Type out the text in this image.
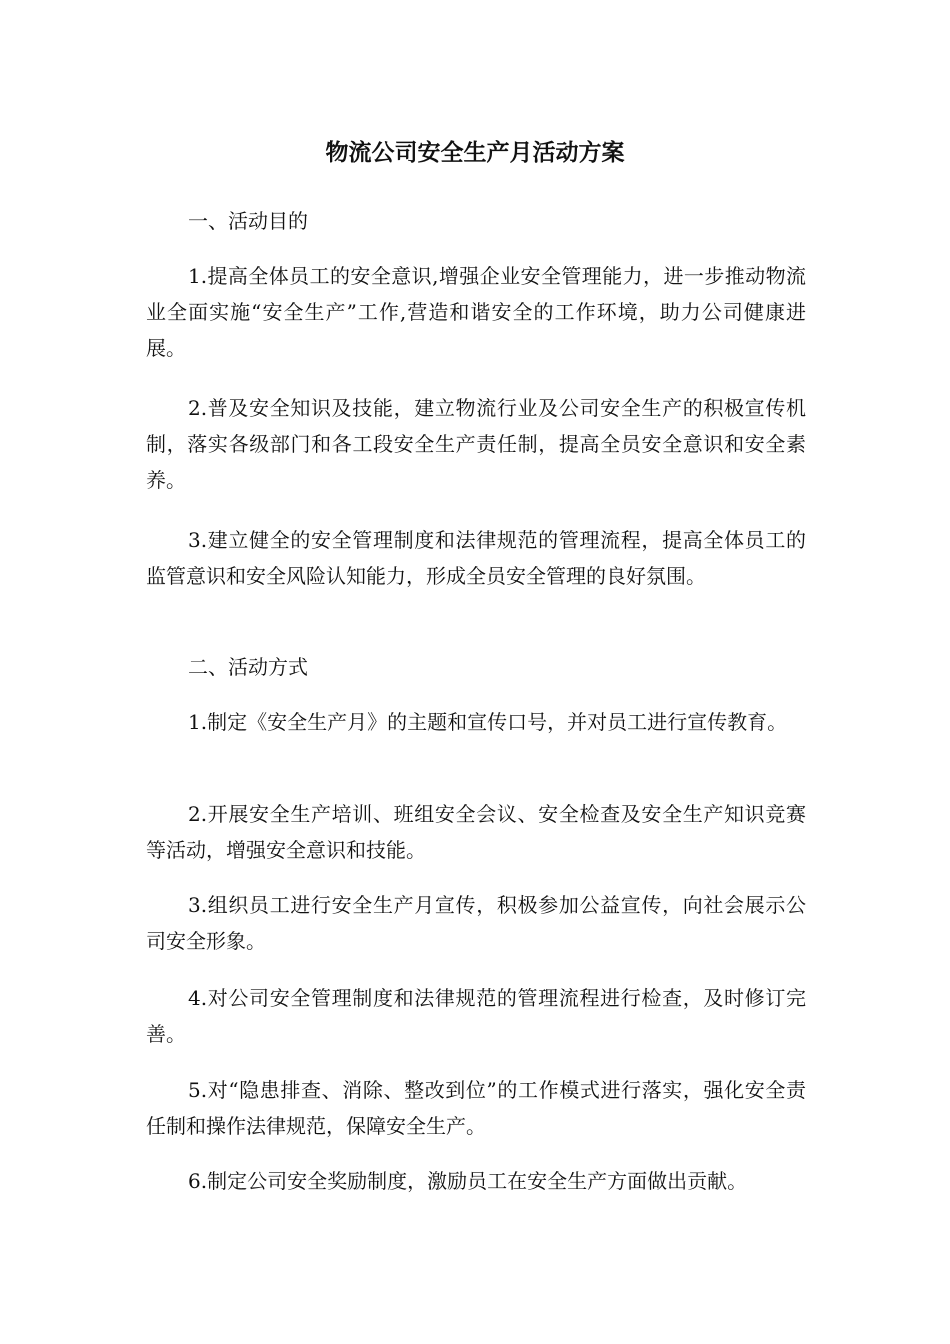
物流公司安全生产月活动方案

一、活动目的

1.提高全体员工的安全意识,增强企业安全管理能力，进一步推动物流业全面实施“安全生产”工作,营造和谐安全的工作环境，助力公司健康进展。

2.普及安全知识及技能，建立物流行业及公司安全生产的积极宣传机制，落实各级部门和各工段安全生产责任制，提高全员安全意识和安全素养。

3.建立健全的安全管理制度和法律规范的管理流程，提高全体员工的监管意识和安全风险认知能力，形成全员安全管理的良好氛围。

二、活动方式

1.制定《安全生产月》的主题和宣传口号，并对员工进行宣传教育。

2.开展安全生产培训、班组安全会议、安全检查及安全生产知识竞赛等活动，增强安全意识和技能。

3.组织员工进行安全生产月宣传，积极参加公益宣传，向社会展示公司安全形象。

4.对公司安全管理制度和法律规范的管理流程进行检查，及时修订完善。

5.对“隐患排查、消除、整改到位”的工作模式进行落实，强化安全责任制和操作法律规范，保障安全生产。

6.制定公司安全奖励制度，激励员工在安全生产方面做出贡献。
